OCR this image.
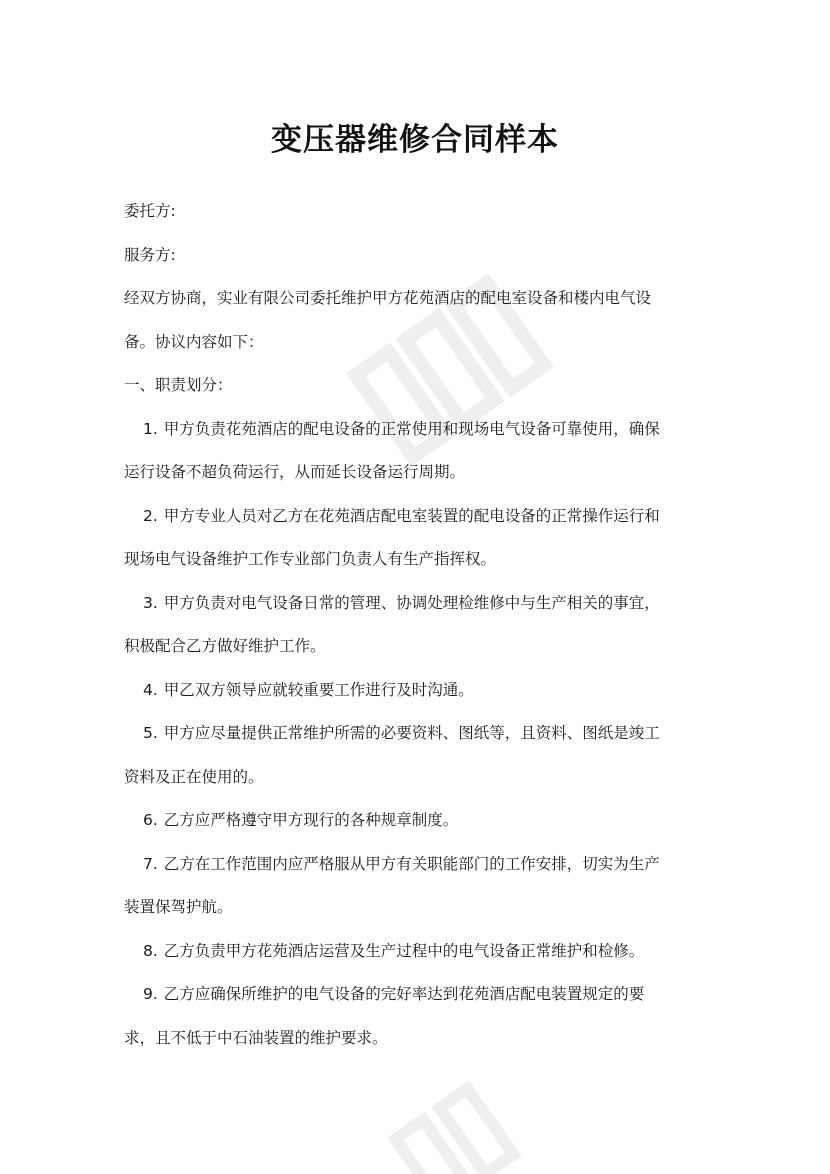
变压器维修合同样本
委托方:
服务方:
经双方协商，实业有限公司委托维护甲方花苑酒店的配电室设备和楼内电气设
备。协议内容如下：
一、职责划分：
1. 甲方负责花苑酒店的配电设备的正常使用和现场电气设备可靠使用，确保
运行设备不超负荷运行，从而延长设备运行周期。
2. 甲方专业人员对乙方在花苑酒店配电室装置的配电设备的正常操作运行和
现场电气设备维护工作专业部门负责人有生产指挥权。
3. 甲方负责对电气设备日常的管理、协调处理检维修中与生产相关的事宜，
积极配合乙方做好维护工作。
4. 甲乙双方领导应就较重要工作进行及时沟通。
5. 甲方应尽量提供正常维护所需的必要资料、图纸等，且资料、图纸是竣工
资料及正在使用的。
6. 乙方应严格遵守甲方现行的各种规章制度。
7. 乙方在工作范围内应严格服从甲方有关职能部门的工作安排，切实为生产
装置保驾护航。
8. 乙方负责甲方花苑酒店运营及生产过程中的电气设备正常维护和检修。
9. 乙方应确保所维护的电气设备的完好率达到花苑酒店配电装置规定的要
求，且不低于中石油装置的维护要求。
